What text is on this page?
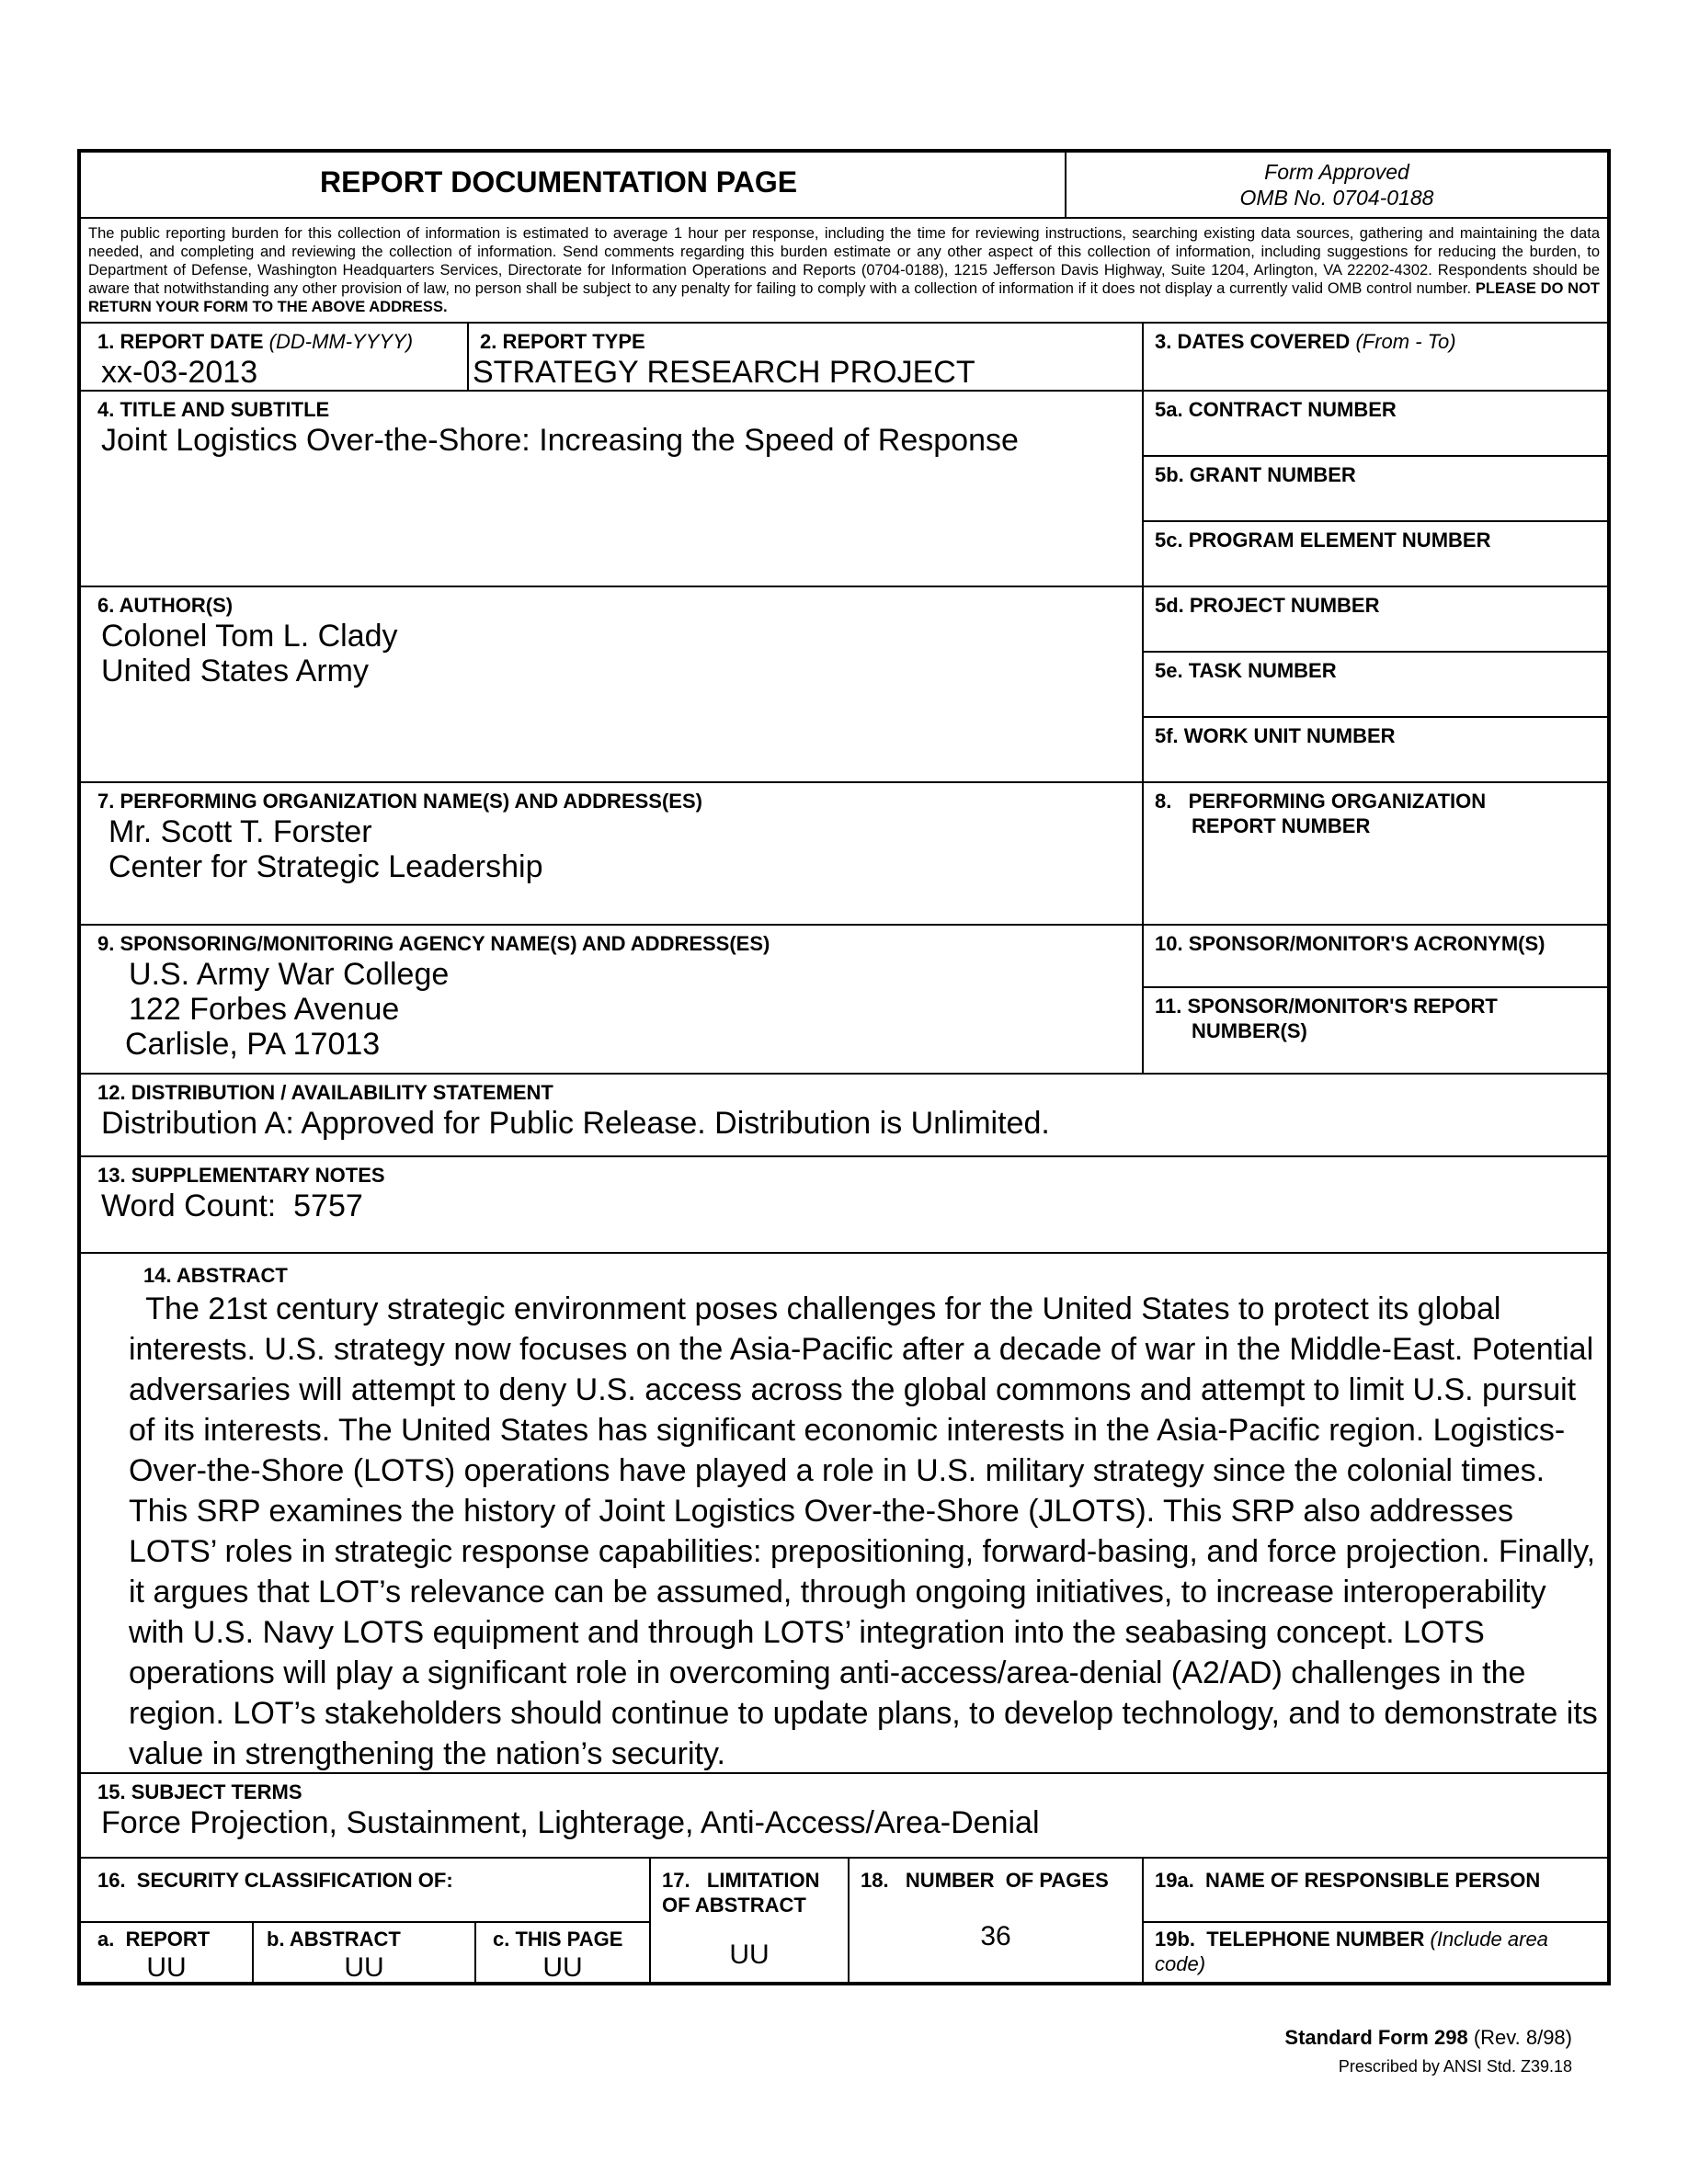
REPORT DOCUMENTATION PAGE	Form Approved
OMB No. 0704-0188
The public reporting burden for this collection of information is estimated to average 1 hour per response, including the time for reviewing instructions, searching existing data sources, gathering and maintaining the data needed, and completing and reviewing the collection of information. Send comments regarding this burden estimate or any other aspect of this collection of information, including suggestions for reducing the burden, to Department of Defense, Washington Headquarters Services, Directorate for Information Operations and Reports (0704-0188), 1215 Jefferson Davis Highway, Suite 1204, Arlington, VA 22202-4302. Respondents should be aware that notwithstanding any other provision of law, no person shall be subject to any penalty for failing to comply with a collection of information if it does not display a currently valid OMB control number. PLEASE DO NOT RETURN YOUR FORM TO THE ABOVE ADDRESS.
1. REPORT DATE (DD-MM-YYYY)
xx-03-2013
2. REPORT TYPE
STRATEGY RESEARCH PROJECT
3. DATES COVERED (From - To)
4. TITLE AND SUBTITLE
Joint Logistics Over-the-Shore: Increasing the Speed of Response
5a. CONTRACT NUMBER
5b. GRANT NUMBER
5c. PROGRAM ELEMENT NUMBER
6. AUTHOR(S)
Colonel Tom L. Clady
United States Army
5d. PROJECT NUMBER
5e. TASK NUMBER
5f. WORK UNIT NUMBER
7. PERFORMING ORGANIZATION NAME(S) AND ADDRESS(ES)
Mr. Scott T. Forster
Center for Strategic Leadership
8.   PERFORMING ORGANIZATION
REPORT NUMBER
9. SPONSORING/MONITORING AGENCY NAME(S) AND ADDRESS(ES)
U.S. Army War College
122 Forbes Avenue
Carlisle, PA 17013
10. SPONSOR/MONITOR'S ACRONYM(S)
11. SPONSOR/MONITOR'S REPORT
NUMBER(S)
12. DISTRIBUTION / AVAILABILITY STATEMENT
Distribution A: Approved for Public Release. Distribution is Unlimited.
13. SUPPLEMENTARY NOTES
Word Count:  5757
14. ABSTRACT
The 21st century strategic environment poses challenges for the United States to protect its global
interests. U.S. strategy now focuses on the Asia-Pacific after a decade of war in the Middle-East. Potential
adversaries will attempt to deny U.S. access across the global commons and attempt to limit U.S. pursuit
of its interests. The United States has significant economic interests in the Asia-Pacific region. Logistics-
Over-the-Shore (LOTS) operations have played a role in U.S. military strategy since the colonial times.
This SRP examines the history of Joint Logistics Over-the-Shore (JLOTS). This SRP also addresses
LOTS’ roles in strategic response capabilities: prepositioning, forward-basing, and force projection. Finally,
it argues that LOT’s relevance can be assumed, through ongoing initiatives, to increase interoperability
with U.S. Navy LOTS equipment and through LOTS’ integration into the seabasing concept. LOTS
operations will play a significant role in overcoming anti-access/area-denial (A2/AD) challenges in the
region. LOT’s stakeholders should continue to update plans, to develop technology, and to demonstrate its
value in strengthening the nation’s security.
15. SUBJECT TERMS
Force Projection, Sustainment, Lighterage, Anti-Access/Area-Denial
16.  SECURITY CLASSIFICATION OF:
a.  REPORT
UU
b. ABSTRACT
UU
c. THIS PAGE
UU
17.   LIMITATION
OF ABSTRACT
UU
18.   NUMBER  OF PAGES
36
19a.  NAME OF RESPONSIBLE PERSON
19b.  TELEPHONE NUMBER (Include area
code)
Standard Form 298 (Rev. 8/98)
Prescribed by ANSI Std. Z39.18
